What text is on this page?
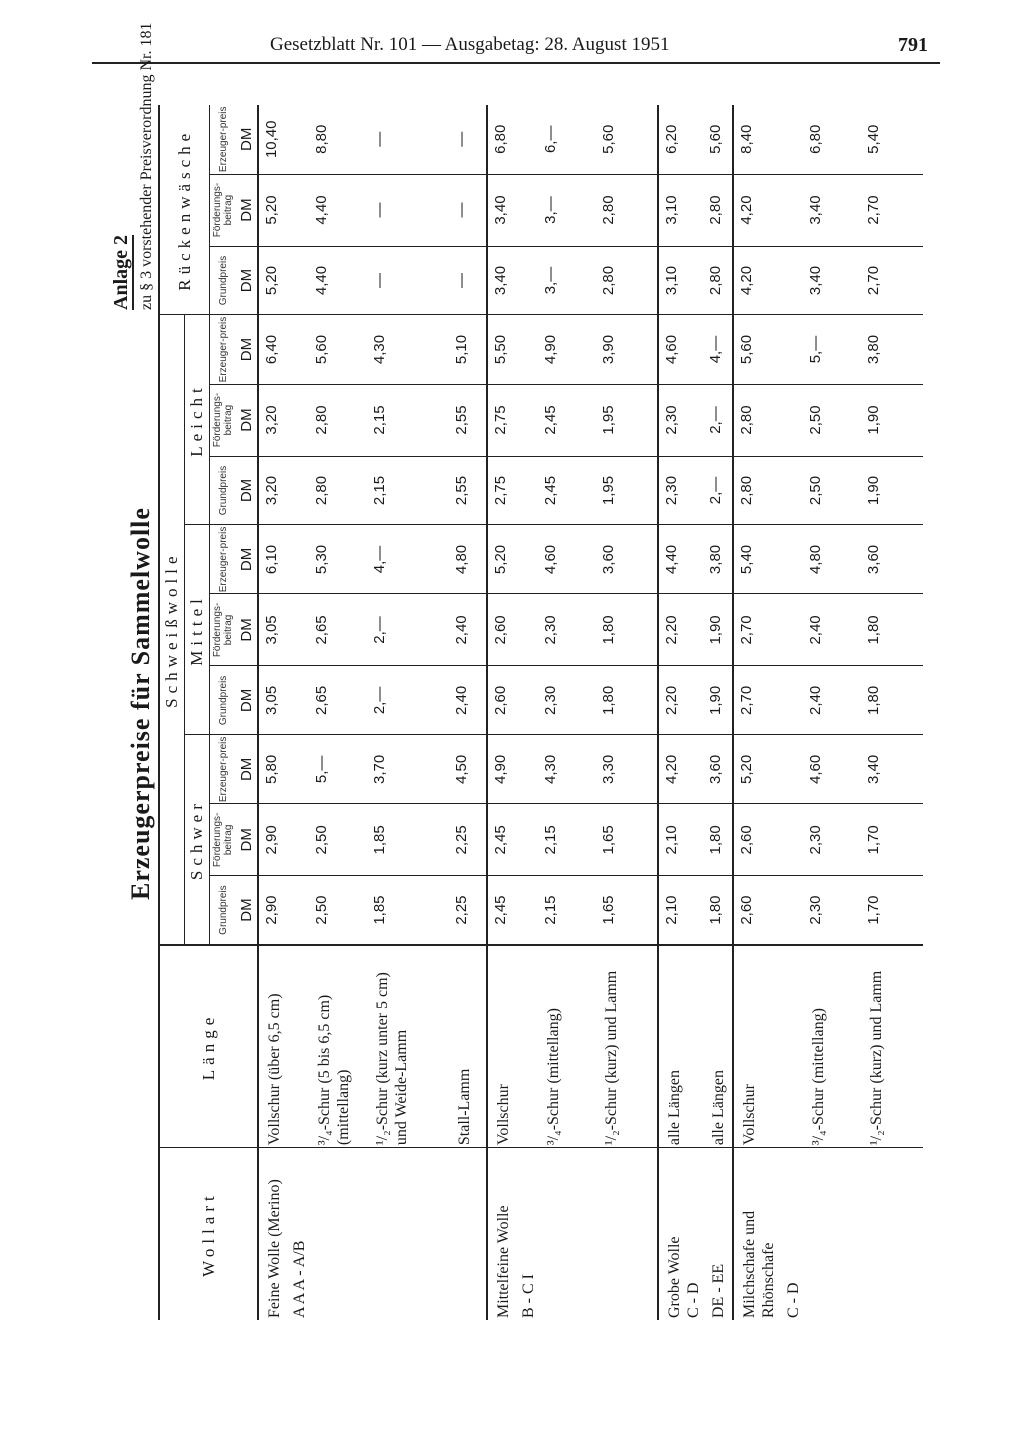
Gesetzblatt Nr. 101 — Ausgabetag: 28. August 1951	791
Anlage 2 zu § 3 vorstehender Preisverordnung Nr. 181
Erzeugerpreise für Sammelwolle
Wollart	Länge	Schweißwolle									Rückenwäsche		
		Schwer			Mittel			Leicht					
		Grundpreis	Förderungs-beitrag	Erzeuger-preis	Grundpreis	Förderungs-beitrag	Erzeuger-preis	Grundpreis	Förderungs-beitrag	Erzeuger-preis	Grundpreis	Förderungs-beitrag	Erzeuger-preis
		DM	DM	DM	DM	DM	DM	DM	DM	DM	DM	DM	DM

Feine Wolle (Merino) A A A - A/B	Vollschur (über 6,5 cm)	2,90	2,90	5,80	3,05	3,05	6,10	3,20	3,20	6,40	5,20	5,20	10,40
	³/₄-Schur (5 bis 6,5 cm) (mittellang)	2,50	2,50	5,—	2,65	2,65	5,30	2,80	2,80	5,60	4,40	4,40	8,80
	¹/₂-Schur (kurz unter 5 cm) und Weide-Lamm	1,85	1,85	3,70	2,—	2,—	4,—	2,15	2,15	4,30	—	—	—
	Stall-Lamm	2,25	2,25	4,50	2,40	2,40	4,80	2,55	2,55	5,10	—	—	—

Mittelfeine Wolle B - C I	Vollschur	2,45	2,45	4,90	2,60	2,60	5,20	2,75	2,75	5,50	3,40	3,40	6,80
	³/₄-Schur (mittellang)	2,15	2,15	4,30	2,30	2,30	4,60	2,45	2,45	4,90	3,—	3,—	6,—
	¹/₂-Schur (kurz) und Lamm	1,65	1,65	3,30	1,80	1,80	3,60	1,95	1,95	3,90	2,80	2,80	5,60

Grobe Wolle C - D	alle Längen	2,10	2,10	4,20	2,20	2,20	4,40	2,30	2,30	4,60	3,10	3,10	6,20

DE - EE	alle Längen	1,80	1,80	3,60	1,90	1,90	3,80	2,—	2,—	4,—	2,80	2,80	5,60

Milchschafe und Rhönschafe C - D	Vollschur	2,60	2,60	5,20	2,70	2,70	5,40	2,80	2,80	5,60	4,20	4,20	8,40
	³/₄-Schur (mittellang)	2,30	2,30	4,60	2,40	2,40	4,80	2,50	2,50	5,—	3,40	3,40	6,80
	¹/₂-Schur (kurz) und Lamm	1,70	1,70	3,40	1,80	1,80	3,60	1,90	1,90	3,80	2,70	2,70	5,40
